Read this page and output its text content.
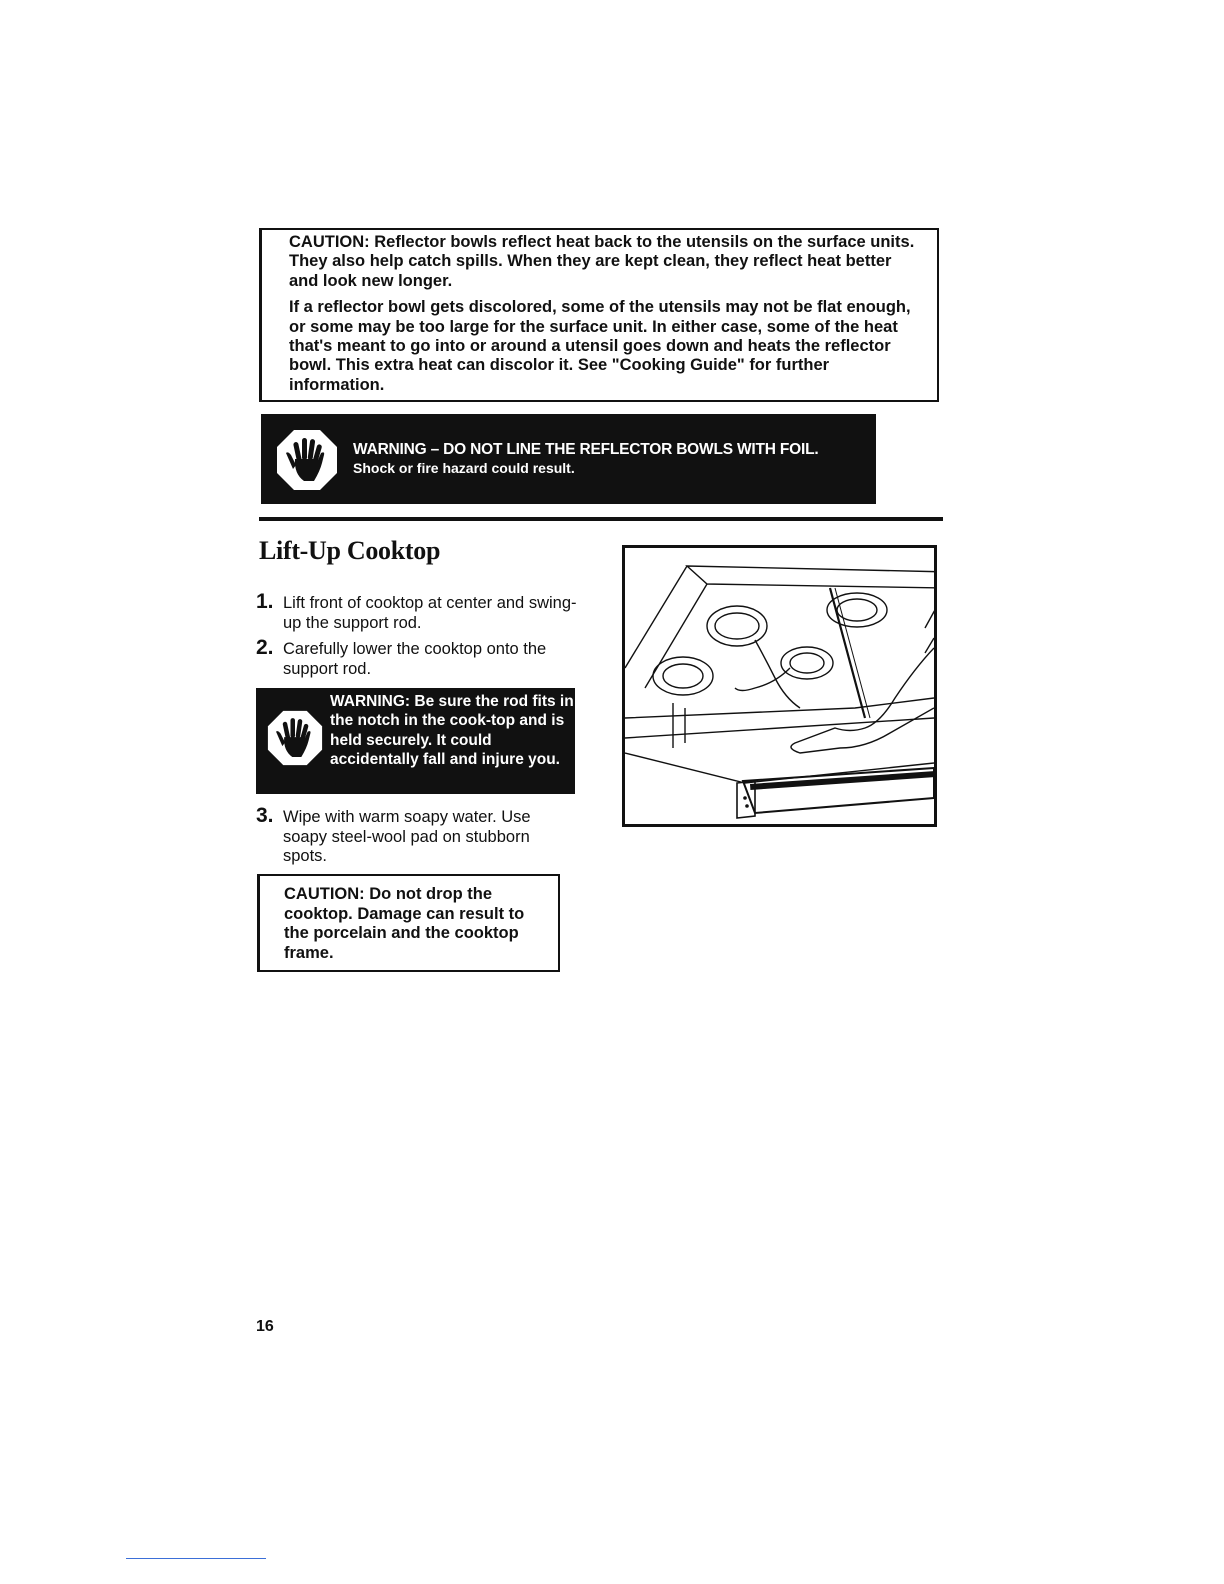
CAUTION: Reflector bowls reflect heat back to the utensils on the surface units. They also help catch spills. When they are kept clean, they reflect heat better and look new longer.

If a reflector bowl gets discolored, some of the utensils may not be flat enough, or some may be too large for the surface unit. In either case, some of the heat that's meant to go into or around a utensil goes down and heats the reflector bowl. This extra heat can discolor it. See "Cooking Guide" for further information.

WARNING – DO NOT LINE THE REFLECTOR BOWLS WITH FOIL.
Shock or fire hazard could result.
Lift-Up Cooktop
1. Lift front of cooktop at center and swing-up the support rod.
2. Carefully lower the cooktop onto the support rod.
WARNING: Be sure the rod fits in the notch in the cook-top and is held securely. It could accidentally fall and injure you.
3. Wipe with warm soapy water. Use soapy steel-wool pad on stubborn spots.

CAUTION: Do not drop the cooktop. Damage can result to the porcelain and the cooktop frame.

16
